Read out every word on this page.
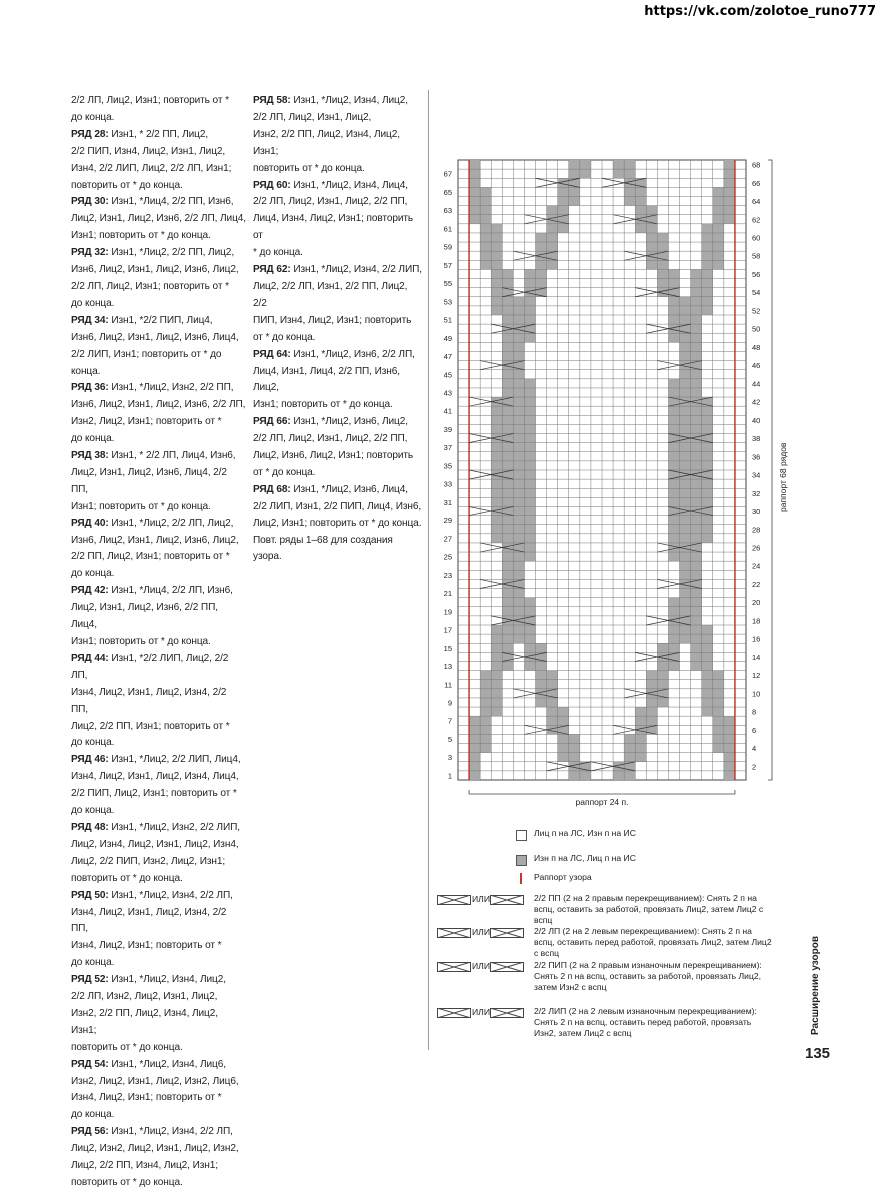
https://vk.com/zolotoe_runo777

2/2 ЛП, Лиц2, Изн1; повторить от *

до конца.

РЯД 28: Изн1, * 2/2 ПП, Лиц2,

2/2 ПИП, Изн4, Лиц2, Изн1, Лиц2,

Изн4, 2/2 ЛИП, Лиц2, 2/2 ЛП, Изн1;

повторить от * до конца.

РЯД 30: Изн1, *Лиц4, 2/2 ПП, Изн6,

Лиц2, Изн1, Лиц2, Изн6, 2/2 ЛП, Лиц4,

Изн1; повторить от * до конца.

РЯД 32: Изн1, *Лиц2, 2/2 ПП, Лиц2,

Изн6, Лиц2, Изн1, Лиц2, Изн6, Лиц2,

2/2 ЛП, Лиц2, Изн1; повторить от *

до конца.

РЯД 34: Изн1, *2/2 ПИП, Лиц4,

Изн6, Лиц2, Изн1, Лиц2, Изн6, Лиц4,

2/2 ЛИП, Изн1; повторить от * до конца.

РЯД 36: Изн1, *Лиц2, Изн2, 2/2 ПП,

Изн6, Лиц2, Изн1, Лиц2, Изн6, 2/2 ЛП,

Изн2, Лиц2, Изн1; повторить от *

до конца.

РЯД 38: Изн1, * 2/2 ЛП, Лиц4, Изн6,

Лиц2, Изн1, Лиц2, Изн6, Лиц4, 2/2 ПП,

Изн1; повторить от * до конца.

РЯД 40: Изн1, *Лиц2, 2/2 ЛП, Лиц2,

Изн6, Лиц2, Изн1, Лиц2, Изн6, Лиц2,

2/2 ПП, Лиц2, Изн1; повторить от *

до конца.

РЯД 42: Изн1, *Лиц4, 2/2 ЛП, Изн6,

Лиц2, Изн1, Лиц2, Изн6, 2/2 ПП, Лиц4,

Изн1; повторить от * до конца.

РЯД 44: Изн1, *2/2 ЛИП, Лиц2, 2/2 ЛП,

Изн4, Лиц2, Изн1, Лиц2, Изн4, 2/2 ПП,

Лиц2, 2/2 ПП, Изн1; повторить от *

до конца.

РЯД 46: Изн1, *Лиц2, 2/2 ЛИП, Лиц4,

Изн4, Лиц2, Изн1, Лиц2, Изн4, Лиц4,

2/2 ПИП, Лиц2, Изн1; повторить от *

до конца.

РЯД 48: Изн1, *Лиц2, Изн2, 2/2 ЛИП,

Лиц2, Изн4, Лиц2, Изн1, Лиц2, Изн4,

Лиц2, 2/2 ПИП, Изн2, Лиц2, Изн1;

повторить от * до конца.

РЯД 50: Изн1, *Лиц2, Изн4, 2/2 ЛП,

Изн4, Лиц2, Изн1, Лиц2, Изн4, 2/2 ПП,

Изн4, Лиц2, Изн1; повторить от *

до конца.

РЯД 52: Изн1, *Лиц2, Изн4, Лиц2,

2/2 ЛП, Изн2, Лиц2, Изн1, Лиц2,

Изн2, 2/2 ПП, Лиц2, Изн4, Лиц2, Изн1;

повторить от * до конца.

РЯД 54: Изн1, *Лиц2, Изн4, Лиц6,

Изн2, Лиц2, Изн1, Лиц2, Изн2, Лиц6,

Изн4, Лиц2, Изн1; повторить от *

до конца.

РЯД 56: Изн1, *Лиц2, Изн4, 2/2 ЛП,

Лиц2, Изн2, Лиц2, Изн1, Лиц2, Изн2,

Лиц2, 2/2 ПП, Изн4, Лиц2, Изн1;

повторить от * до конца.

РЯД 58: Изн1, *Лиц2, Изн4, Лиц2,

2/2 ЛП, Лиц2, Изн1, Лиц2,

Изн2, 2/2 ПП, Лиц2, Изн4, Лиц2, Изн1;

повторить от * до конца.

РЯД 60: Изн1, *Лиц2, Изн4, Лиц4,

2/2 ЛП, Лиц2, Изн1, Лиц2, 2/2 ПП,

Лиц4, Изн4, Лиц2, Изн1; повторить от

* до конца.

РЯД 62: Изн1, *Лиц2, Изн4, 2/2 ЛИП,

Лиц2, 2/2 ЛП, Изн1, 2/2 ПП, Лиц2, 2/2

ПИП, Изн4, Лиц2, Изн1; повторить

от * до конца.

РЯД 64: Изн1, *Лиц2, Изн6, 2/2 ЛП,

Лиц4, Изн1, Лиц4, 2/2 ПП, Изн6, Лиц2,

Изн1; повторить от * до конца.

РЯД 66: Изн1, *Лиц2, Изн6, Лиц2,

2/2 ЛП, Лиц2, Изн1, Лиц2, 2/2 ПП,

Лиц2, Изн6, Лиц2, Изн1; повторить

от * до конца.

РЯД 68: Изн1, *Лиц2, Изн6, Лиц4,

2/2 ЛИП, Изн1, 2/2 ПИП, Лиц4, Изн6,

Лиц2, Изн1; повторить от * до конца.

Повт. ряды 1–68 для создания узора.

67
65
63
61
59
57
55
53
51
49
47
45
43
41
39
37
35
33
31
29
27
25
23
21
19
17
15
13
11
9
7
5
3
1
68
66
64
62
60
58
56
54
52
50
48
46
44
42
40
38
36
34
32
30
28
26
24
22
20
18
16
14
12
10
8
6
4
2
раппорт 24 п.
раппорт 68 рядов
Лиц п на ЛС, Изн п на ИС
Изн п на ЛС, Лиц п на ИС
Раппорт узора
ИЛИ	2/2 ПП (2 на 2 правым перекрещиванием): Снять 2 п на вспц, оставить за работой, провязать Лиц2, затем Лиц2 с вспц
ИЛИ	2/2 ЛП (2 на 2 левым перекрещиванием): Снять 2 п на вспц, оставить перед работой, провязать Лиц2, затем Лиц2 с вспц
ИЛИ	2/2 ПИП (2 на 2 правым изнаночным перекрещиванием): Снять 2 п на вспц, оставить за работой, провязать Лиц2, затем Изн2 с вспц
ИЛИ	2/2 ЛИП (2 на 2 левым изнаночным перекрещиванием): Снять 2 п на вспц, оставить перед работой, провязать Изн2, затем Лиц2 с вспц	Расширение узоров
135
